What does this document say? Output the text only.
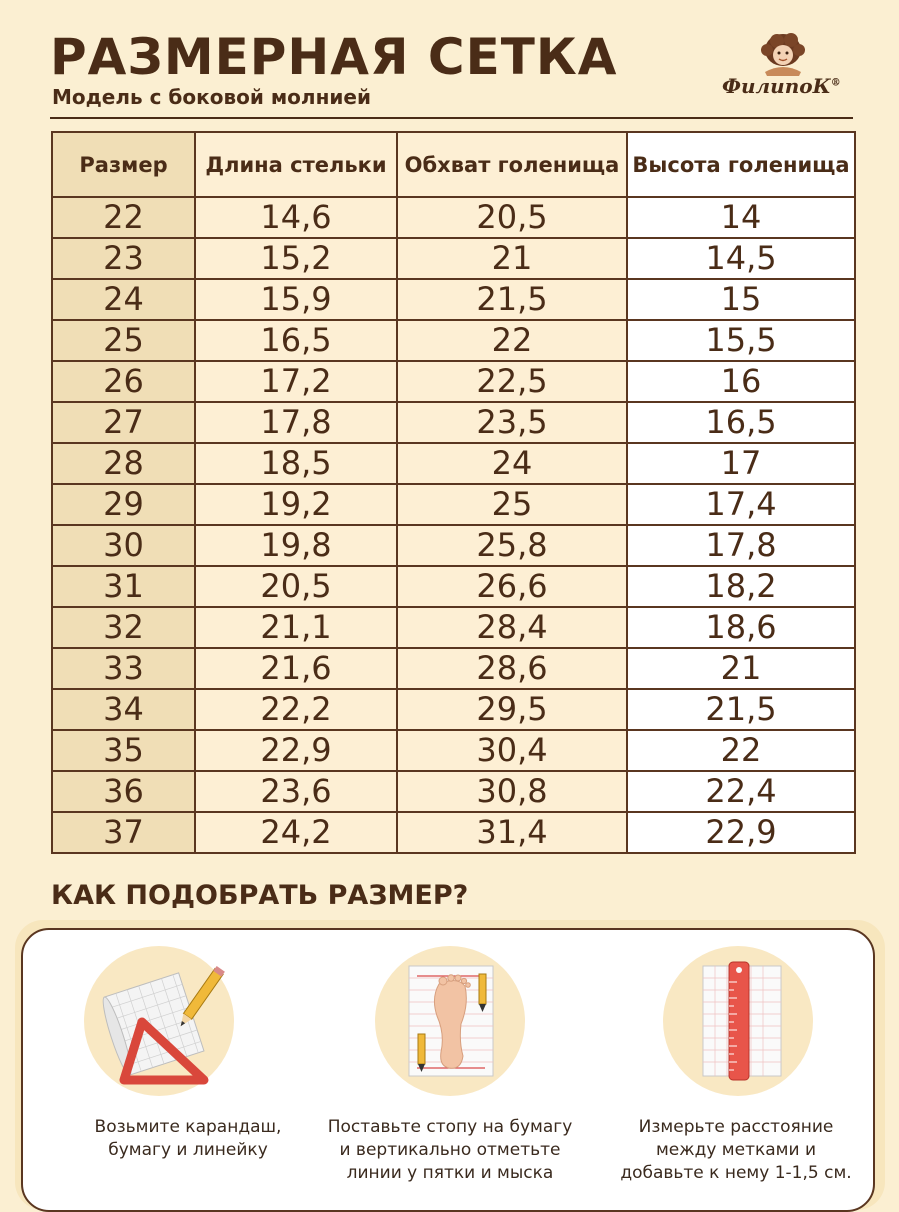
РАЗМЕРНАЯ СЕТКА
Модель с боковой молнией	ФилипоК®
Размер	Длина стельки	Обхват голенища	Высота голенища
22	14,6	20,5	14
23	15,2	21	14,5
24	15,9	21,5	15
25	16,5	22	15,5
26	17,2	22,5	16
27	17,8	23,5	16,5
28	18,5	24	17
29	19,2	25	17,4
30	19,8	25,8	17,8
31	20,5	26,6	18,2
32	21,1	28,4	18,6
33	21,6	28,6	21
34	22,2	29,5	21,5
35	22,9	30,4	22
36	23,6	30,8	22,4
37	24,2	31,4	22,9
КАК ПОДОБРАТЬ РАЗМЕР?
Возьмите карандаш,
бумагу и линейку
Поставьте стопу на бумагу
и вертикально отметьте
линии у пятки и мыска
Измерьте расстояние
между метками и
добавьте к нему 1-1,5 см.
